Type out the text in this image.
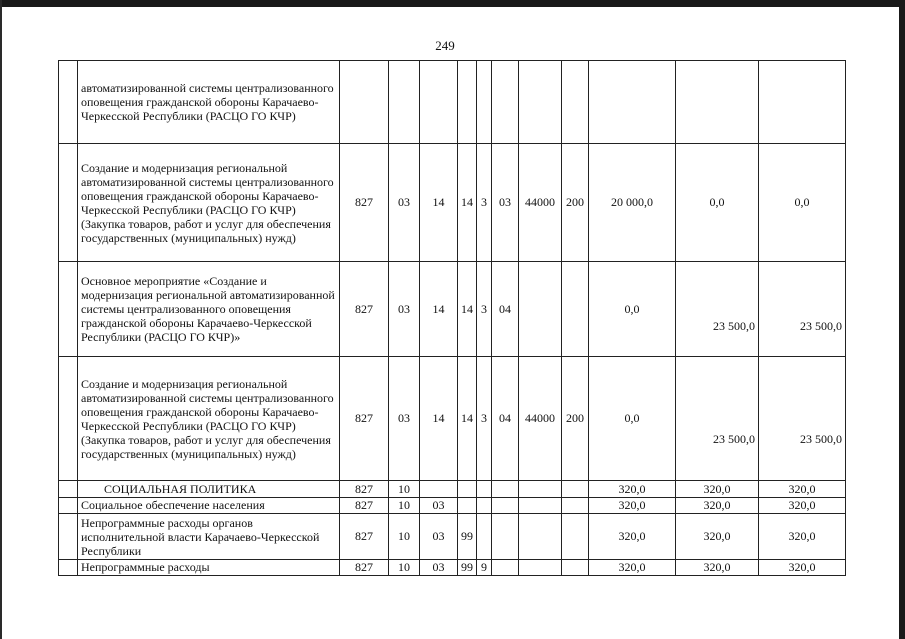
249
	автоматизированной системы централизованного оповещения гражданской обороны Карачаево-Черкесской Республики (РАСЦО ГО КЧР)											
	Создание и модернизация региональной автоматизированной системы централизованного оповещения гражданской обороны Карачаево-Черкесской Республики (РАСЦО ГО КЧР) (Закупка товаров, работ и услуг для обеспечения государственных (муниципальных) нужд)	827	03	14	14	3	03	44000	200	20 000,0	0,0	0,0
	Основное мероприятие «Создание и модернизация региональной автоматизированной системы централизованного оповещения гражданской обороны Карачаево-Черкесской Республики (РАСЦО ГО КЧР)»	827	03	14	14	3	04			0,0	23 500,0	23 500,0
	Создание и модернизация региональной автоматизированной системы централизованного оповещения гражданской обороны Карачаево-Черкесской Республики (РАСЦО ГО КЧР) (Закупка товаров, работ и услуг для обеспечения государственных (муниципальных) нужд)	827	03	14	14	3	04	44000	200	0,0	23 500,0	23 500,0
	СОЦИАЛЬНАЯ ПОЛИТИКА	827	10							320,0	320,0	320,0
	Социальное обеспечение населения	827	10	03						320,0	320,0	320,0
	Непрограммные расходы органов исполнительной власти Карачаево-Черкесской Республики	827	10	03	99					320,0	320,0	320,0
	Непрограммные расходы	827	10	03	99	9				320,0	320,0	320,0
